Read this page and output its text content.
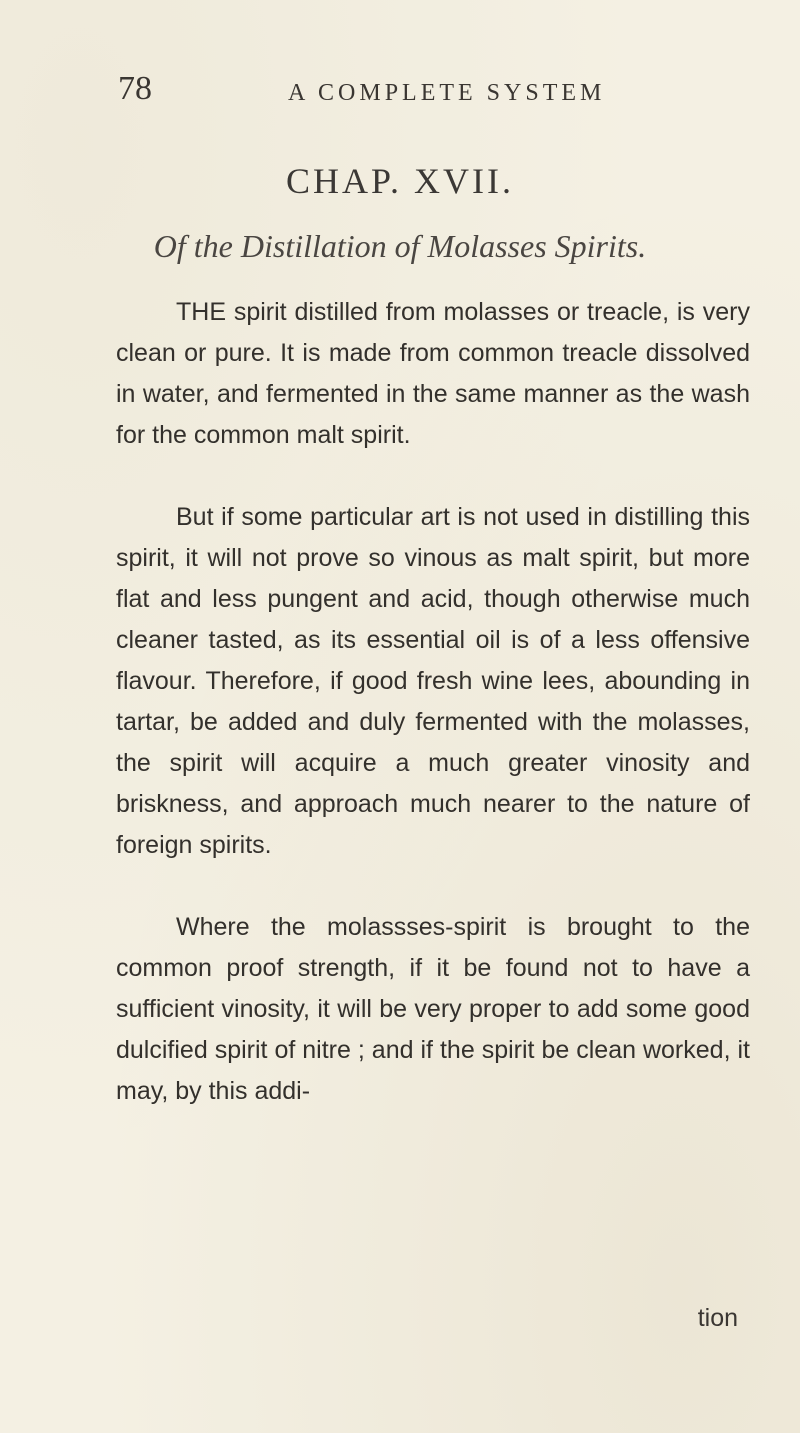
78	A COMPLETE SYSTEM
CHAP. XVII.
Of the Distillation of Molasses Spirits.

THE spirit distilled from molasses or treacle, is very clean or pure. It is made from common treacle dissolved in water, and fermented in the same manner as the wash for the common malt spirit.

But if some particular art is not used in distilling this spirit, it will not prove so vinous as malt spirit, but more flat and less pungent and acid, though otherwise much cleaner tasted, as its essential oil is of a less offensive flavour. Therefore, if good fresh wine lees, abounding in tartar, be added and duly fermented with the molasses, the spirit will acquire a much greater vinosity and briskness, and approach much nearer to the nature of foreign spirits.

Where the molassses-spirit is brought to the common proof strength, if it be found not to have a sufficient vinosity, it will be very proper to add some good dulcified spirit of nitre ; and if the spirit be clean worked, it may, by this addi-

tion
